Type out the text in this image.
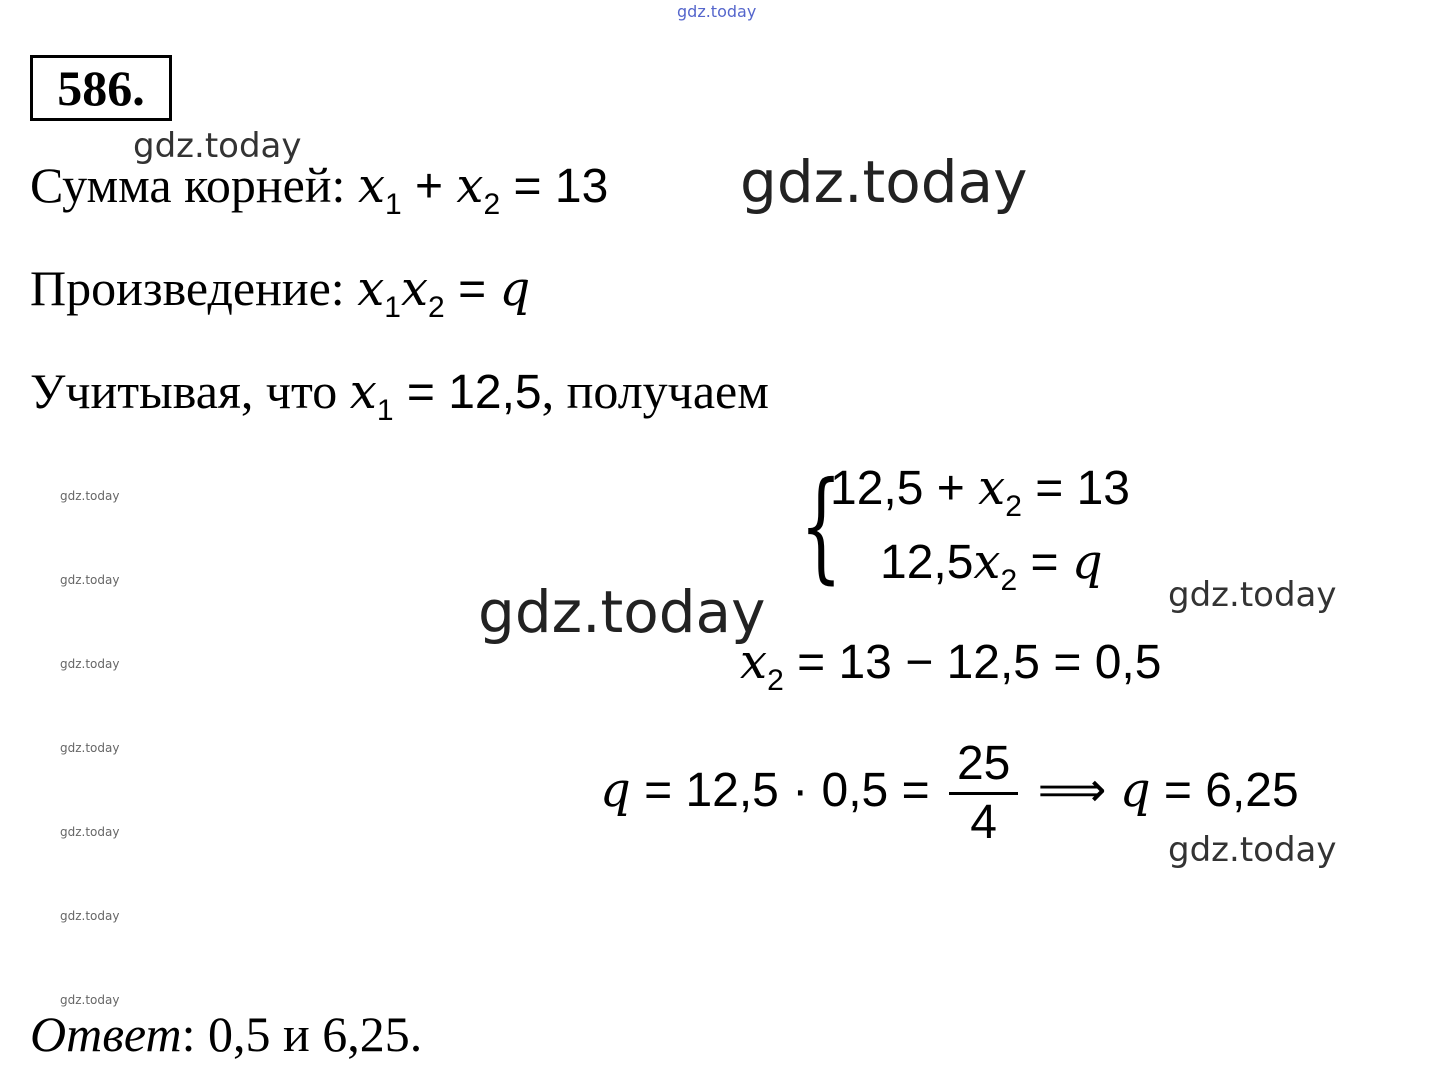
gdz.today
586.
Сумма корней: $x_1 + x_2 = 13$
Произведение: $x_1x_2 = q$
Учитывая, что $x_1 = 12,5$, получаем
{
$12,5 + x_2 = 13$
$12,5x_2 = q$
$x_2 = 13 - 12,5 = 0,5$
$q = 12,5 \cdot 0,5 = \frac{25}{4}$ ⟹ q = 6,25
Ответ: 0,5 и 6,25.
gdz.today
gdz.today
gdz.today	gdz.today
gdz.today
gdz.today
gdz.today
gdz.today
gdz.today
gdz.today
gdz.today
gdz.today
